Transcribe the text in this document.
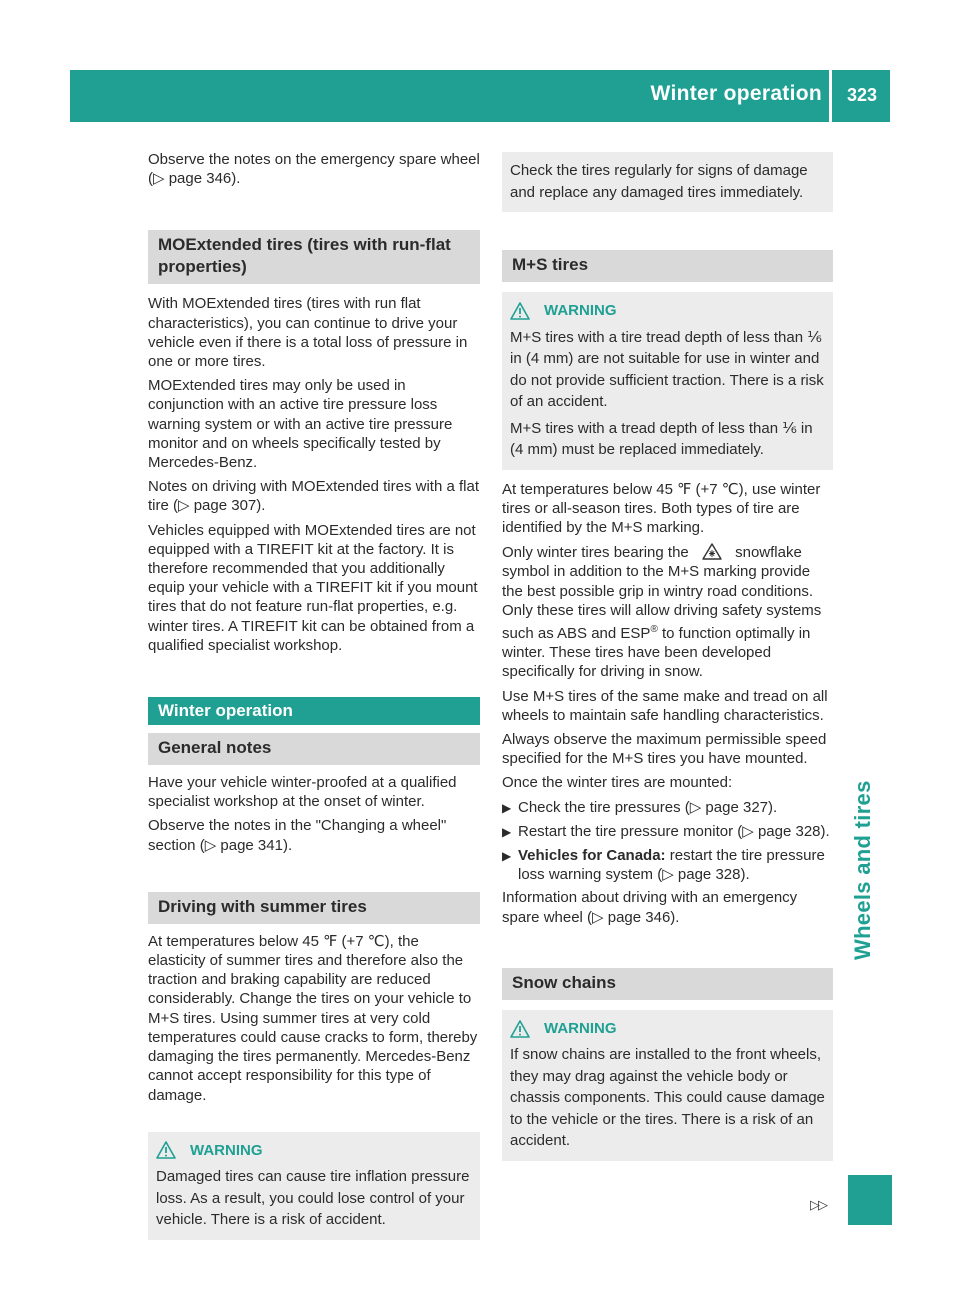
Winter operation	323
Wheels and tires

Observe the notes on the emergency spare wheel (▷ page 346).

MOExtended tires (tires with run-flat properties)

With MOExtended tires (tires with run flat characteristics), you can continue to drive your vehicle even if there is a total loss of pressure in one or more tires.

MOExtended tires may only be used in conjunction with an active tire pressure loss warning system or with an active tire pressure monitor and on wheels specifically tested by Mercedes-Benz.

Notes on driving with MOExtended tires with a flat tire (▷ page 307).

Vehicles equipped with MOExtended tires are not equipped with a TIREFIT kit at the factory. It is therefore recommended that you additionally equip your vehicle with a TIREFIT kit if you mount tires that do not feature run-flat properties, e.g. winter tires. A TIREFIT kit can be obtained from a qualified specialist workshop.

Winter operation
General notes

Have your vehicle winter-proofed at a qualified specialist workshop at the onset of winter.

Observe the notes in the "Changing a wheel" section (▷ page 341).

Driving with summer tires

At temperatures below 45 ℉ (+7 ℃), the elasticity of summer tires and therefore also the traction and braking capability are reduced considerably. Change the tires on your vehicle to M+S tires. Using summer tires at very cold temperatures could cause cracks to form, thereby damaging the tires permanently. Mercedes-Benz cannot accept responsibility for this type of damage.

WARNING

Damaged tires can cause tire inflation pressure loss. As a result, you could lose control of your vehicle. There is a risk of accident.

Check the tires regularly for signs of damage and replace any damaged tires immediately.

M+S tires
WARNING

M+S tires with a tire tread depth of less than ⅙ in (4 mm) are not suitable for use in winter and do not provide sufficient traction. There is a risk of an accident.

M+S tires with a tread depth of less than ⅙ in (4 mm) must be replaced immediately.

At temperatures below 45 ℉ (+7 ℃), use winter tires or all-season tires. Both types of tire are identified by the M+S marking.

Only winter tires bearing the	snowflake symbol in addition to the M+S marking provide the best possible grip in wintry road conditions. Only these tires will allow driving safety systems such as ABS and ESP® to function optimally in winter. These tires have been developed specifically for driving in snow.

Use M+S tires of the same make and tread on all wheels to maintain safe handling characteristics.

Always observe the maximum permissible speed specified for the M+S tires you have mounted.

Once the winter tires are mounted:

▶ Check the tire pressures (▷ page 327).
▶ Restart the tire pressure monitor (▷ page 328).
▶ Vehicles for Canada: restart the tire pressure loss warning system (▷ page 328).

Information about driving with an emergency spare wheel (▷ page 346).

Snow chains
WARNING

If snow chains are installed to the front wheels, they may drag against the vehicle body or chassis components. This could cause damage to the vehicle or the tires. There is a risk of an accident.

▷▷
